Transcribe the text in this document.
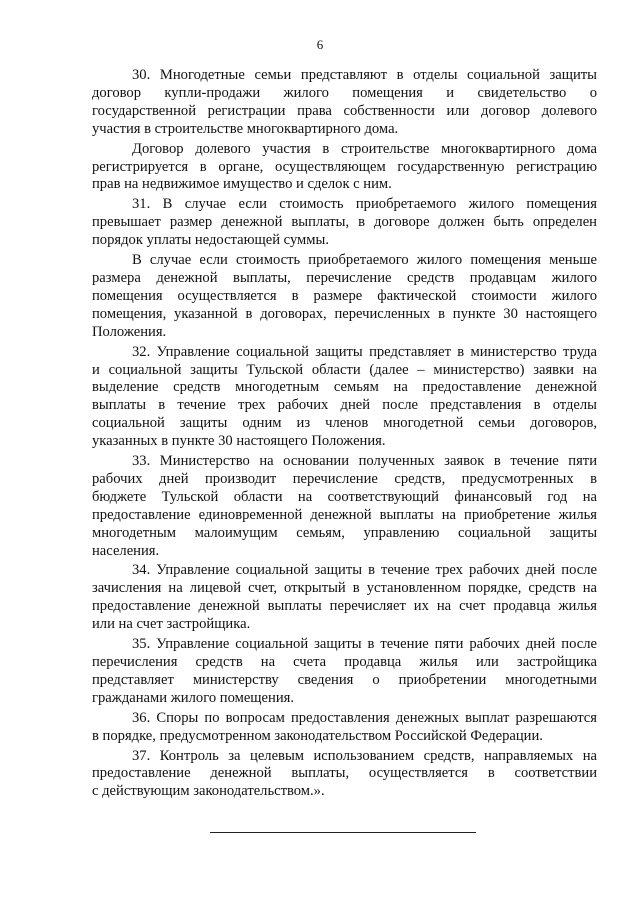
6

30. Многодетные семьи представляют в отделы социальной защиты
договор купли-продажи жилого помещения и свидетельство о
государственной регистрации права собственности или договор долевого
участия в строительстве многоквартирного дома.

Договор долевого участия в строительстве многоквартирного дома
регистрируется в органе, осуществляющем государственную регистрацию
прав на недвижимое имущество и сделок с ним.

31. В случае если стоимость приобретаемого жилого помещения
превышает размер денежной выплаты, в договоре должен быть определен
порядок уплаты недостающей суммы.

В случае если стоимость приобретаемого жилого помещения меньше
размера денежной выплаты, перечисление средств продавцам жилого
помещения осуществляется в размере фактической стоимости жилого
помещения, указанной в договорах, перечисленных в пункте 30 настоящего
Положения.

32. Управление социальной защиты представляет в министерство труда
и социальной защиты Тульской области (далее – министерство) заявки на
выделение средств многодетным семьям на предоставление денежной
выплаты в течение трех рабочих дней после представления в отделы
социальной защиты одним из членов многодетной семьи договоров,
указанных в пункте 30 настоящего Положения.

33. Министерство на основании полученных заявок в течение пяти
рабочих дней производит перечисление средств, предусмотренных в
бюджете Тульской области на соответствующий финансовый год на
предоставление единовременной денежной выплаты на приобретение жилья
многодетным малоимущим семьям, управлению социальной защиты
населения.

34. Управление социальной защиты в течение трех рабочих дней после
зачисления на лицевой счет, открытый в установленном порядке, средств на
предоставление денежной выплаты перечисляет их на счет продавца жилья
или на счет застройщика.

35. Управление социальной защиты в течение пяти рабочих дней после
перечисления средств на счета продавца жилья или застройщика
представляет министерству сведения о приобретении многодетными
гражданами жилого помещения.

36. Споры по вопросам предоставления денежных выплат разрешаются
в порядке, предусмотренном законодательством Российской Федерации.

37. Контроль за целевым использованием средств, направляемых на
предоставление денежной выплаты, осуществляется в соответствии
с действующим законодательством.».
